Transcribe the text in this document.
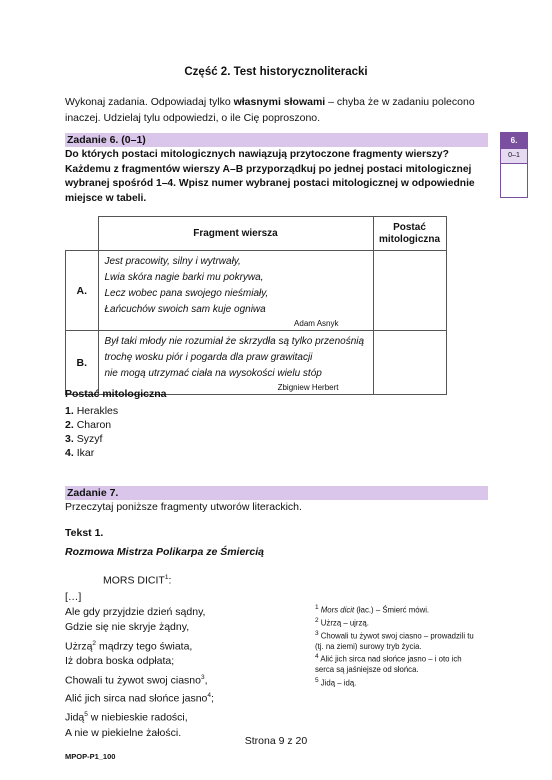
Część 2. Test historycznoliteracki
Wykonaj zadania. Odpowiadaj tylko własnymi słowami – chyba że w zadaniu polecono inaczej. Udzielaj tylu odpowiedzi, o ile Cię poproszono.
Zadanie 6. (0–1)	6.
0–1
Do których postaci mitologicznych nawiązują przytoczone fragmenty wierszy? Każdemu z fragmentów wierszy A–B przyporządkuj po jednej postaci mitologicznej wybranej spośród 1–4. Wpisz numer wybranej postaci mitologicznej w odpowiednie miejsce w tabeli.
	Fragment wiersza	Postać
mitologiczna

A.	Jest pracowity, silny i wytrwały,
Lwia skóra nagie barki mu pokrywa,
Lecz wobec pana swojego nieśmiały,
Łańcuchów swoich sam kuje ogniwa
Adam Asnyk	

B.	Był taki młody nie rozumiał że skrzydła są tylko przenośnią
trochę wosku piór i pogarda dla praw grawitacji
nie mogą utrzymać ciała na wysokości wielu stóp
Zbigniew Herbert	

Postać mitologiczna
1. Herakles
2. Charon
3. Syzyf
4. Ikar
Zadanie 7.
Przeczytaj poniższe fragmenty utworów literackich.
Tekst 1.
Rozmowa Mistrza Polikarpa ze Śmiercią
MORS DICIT$^1$:
[…]
Ale gdy przyjdzie dzień sądny,
Gdzie się nie skryje żądny,
Użrzą$^2$ mądrzy tego świata,
Iż dobra boska odpłata;
Chowali tu żywot swoj ciasno$^3$,
Alić jich sirca nad słońce jasno$^4$;
Jidą$^5$ w niebieskie radości,
A nie w piekielne żałości.
$^1$ Mors dicit (łac.) – Śmierć mówi.
$^2$ Użrzą – ujrzą.
$^3$ Chowali tu żywot swoj ciasno – prowadzili tu (tj. na ziemi) surowy tryb życia.
$^4$ Alić jich sirca nad słońce jasno – i oto ich serca są jaśniejsze od słońca.
$^5$ Jidą – idą.
Strona 9 z 20
MPOP-P1_100
